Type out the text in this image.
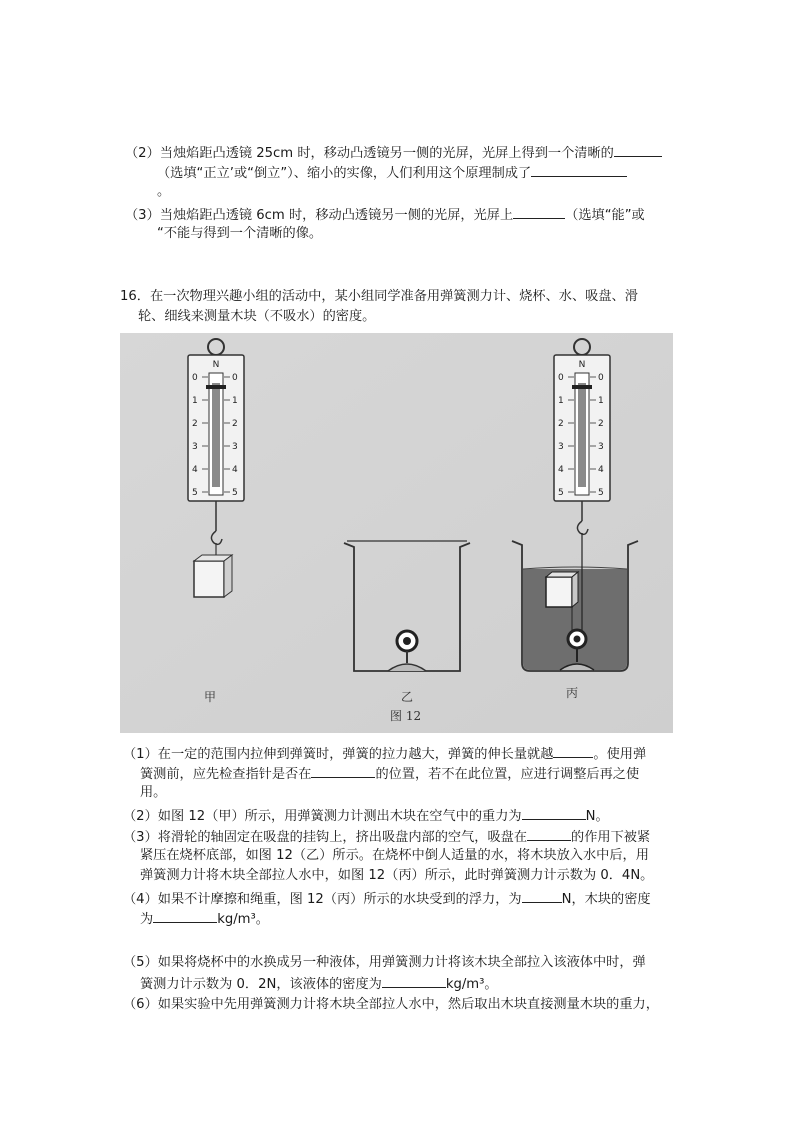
（2）当烛焰距凸透镜 25cm 时，移动凸透镜另一侧的光屏，光屏上得到一个清晰的
（选填“正立’或“倒立”）、缩小的实像，人们利用这个原理制成了
。
（3）当烛焰距凸透镜 6cm 时，移动凸透镜另一侧的光屏，光屏上	（选填“能”或
“不能与得到一个清晰的像。
16．在一次物理兴趣小组的活动中，某小组同学准备用弹簧测力计、烧杯、水、吸盘、滑
轮、细线来测量木块（不吸水）的密度。
N
0
1
2
3
4
5
0
1
2
3
4
5
甲	乙
N
0
1
2
3
4
5
0
1
2
3
4
5
丙
图 12
（1）在一定的范围内拉伸到弹簧时，弹簧的拉力越大，弹簧的伸长量就越	。使用弹
簧测前，应先检查指针是否在	的位置，若不在此位置，应进行调整后再之使
用。
（2）如图 12（甲）所示，用弹簧测力计测出木块在空气中的重力为	N。
（3）将滑轮的轴固定在吸盘的挂钩上，挤出吸盘内部的空气，吸盘在	的作用下被紧
紧压在烧杯底部，如图 12（乙）所示。在烧杯中倒人适量的水，将木块放入水中后，用
弹簧测力计将木块全部拉人水中，如图 12（丙）所示，此时弹簧测力计示数为 0．4N。
（4）如果不计摩擦和绳重，图 12（丙）所示的水块受到的浮力，为	N，木块的密度
为	kg/m³。
（5）如果将烧杯中的水换成另一种液体，用弹簧测力计将该木块全部拉入该液体中时，弹
簧测力计示数为 0．2N，该液体的密度为	kg/m³。
（6）如果实验中先用弹簧测力计将木块全部拉人水中，然后取出木块直接测量木块的重力，
